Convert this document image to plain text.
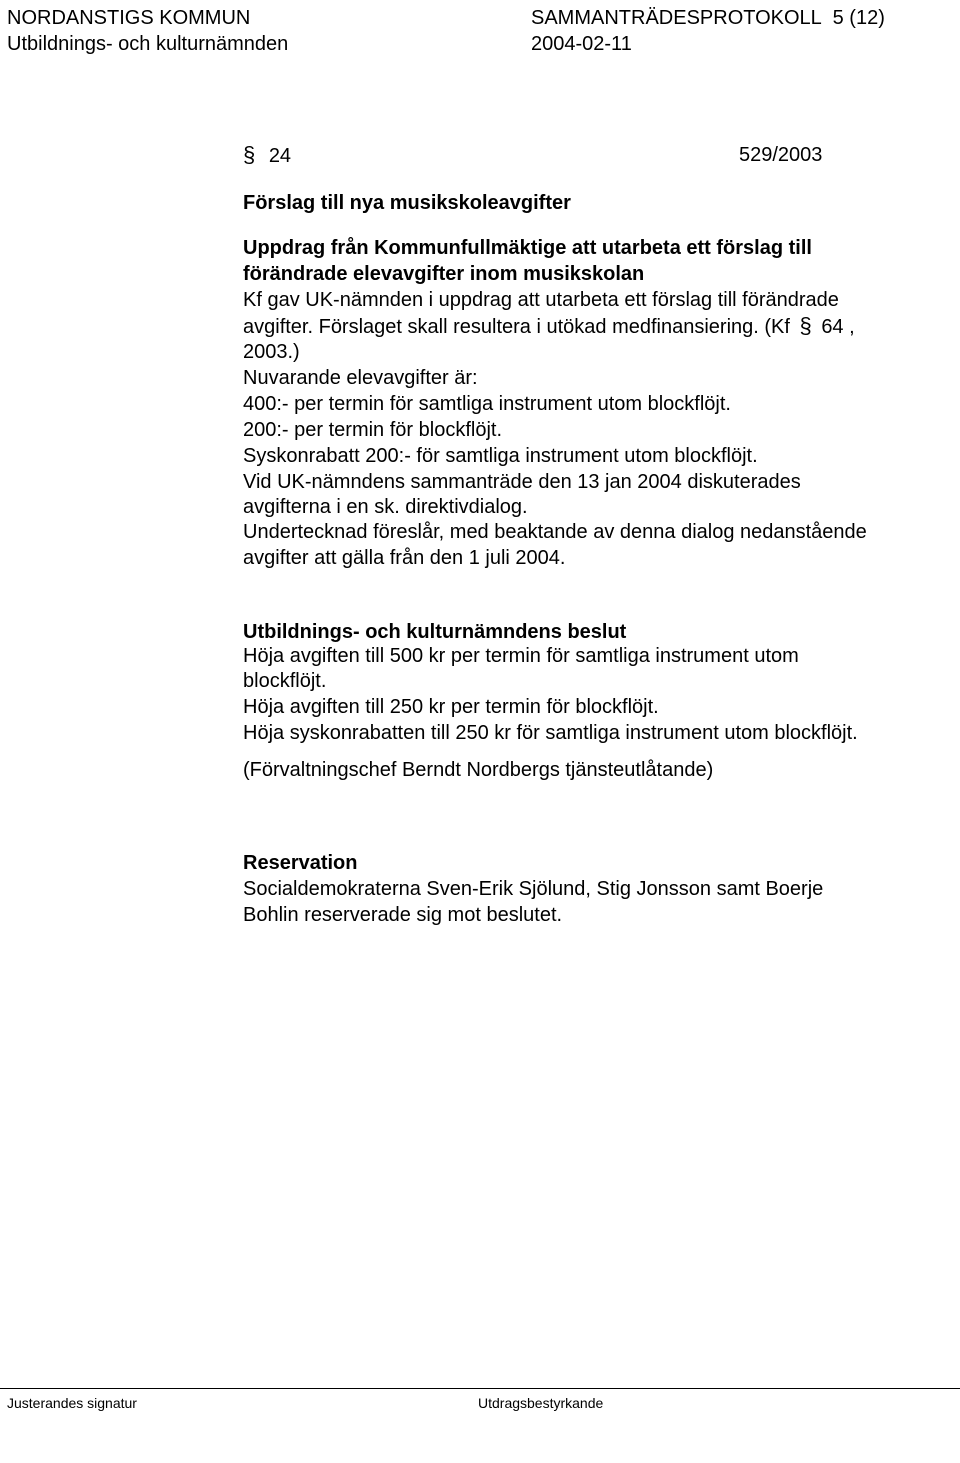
NORDANSTIGS KOMMUN
Utbildnings- och kulturnämnden
SAMMANTRÄDESPROTOKOLL 5 (12)
2004-02-11
§ 24	529/2003
Förslag till nya musikskoleavgifter
Uppdrag från Kommunfullmäktige att utarbeta ett förslag till
förändrade elevavgifter inom musikskolan
Kf gav UK-nämnden i uppdrag att utarbeta ett förslag till förändrade
avgifter. Förslaget skall resultera i utökad medfinansiering. (Kf § 64 ,
2003.)
Nuvarande elevavgifter är:
400:- per termin för samtliga instrument utom blockflöjt.
200:- per termin för blockflöjt.
Syskonrabatt 200:- för samtliga instrument utom blockflöjt.
Vid UK-nämndens sammanträde den 13 jan 2004 diskuterades
avgifterna i en sk. direktivdialog.
Undertecknad föreslår, med beaktande av denna dialog nedanstående
avgifter att gälla från den 1 juli 2004.
Utbildnings- och kulturnämndens beslut
Höja avgiften till 500 kr per termin för samtliga instrument utom
blockflöjt.
Höja avgiften till 250 kr per termin för blockflöjt.
Höja syskonrabatten till 250 kr för samtliga instrument utom blockflöjt.
(Förvaltningschef Berndt Nordbergs tjänsteutlåtande)
Reservation
Socialdemokraterna Sven-Erik Sjölund, Stig Jonsson samt Boerje
Bohlin reserverade sig mot beslutet.
Justerandes signatur	Utdragsbestyrkande
